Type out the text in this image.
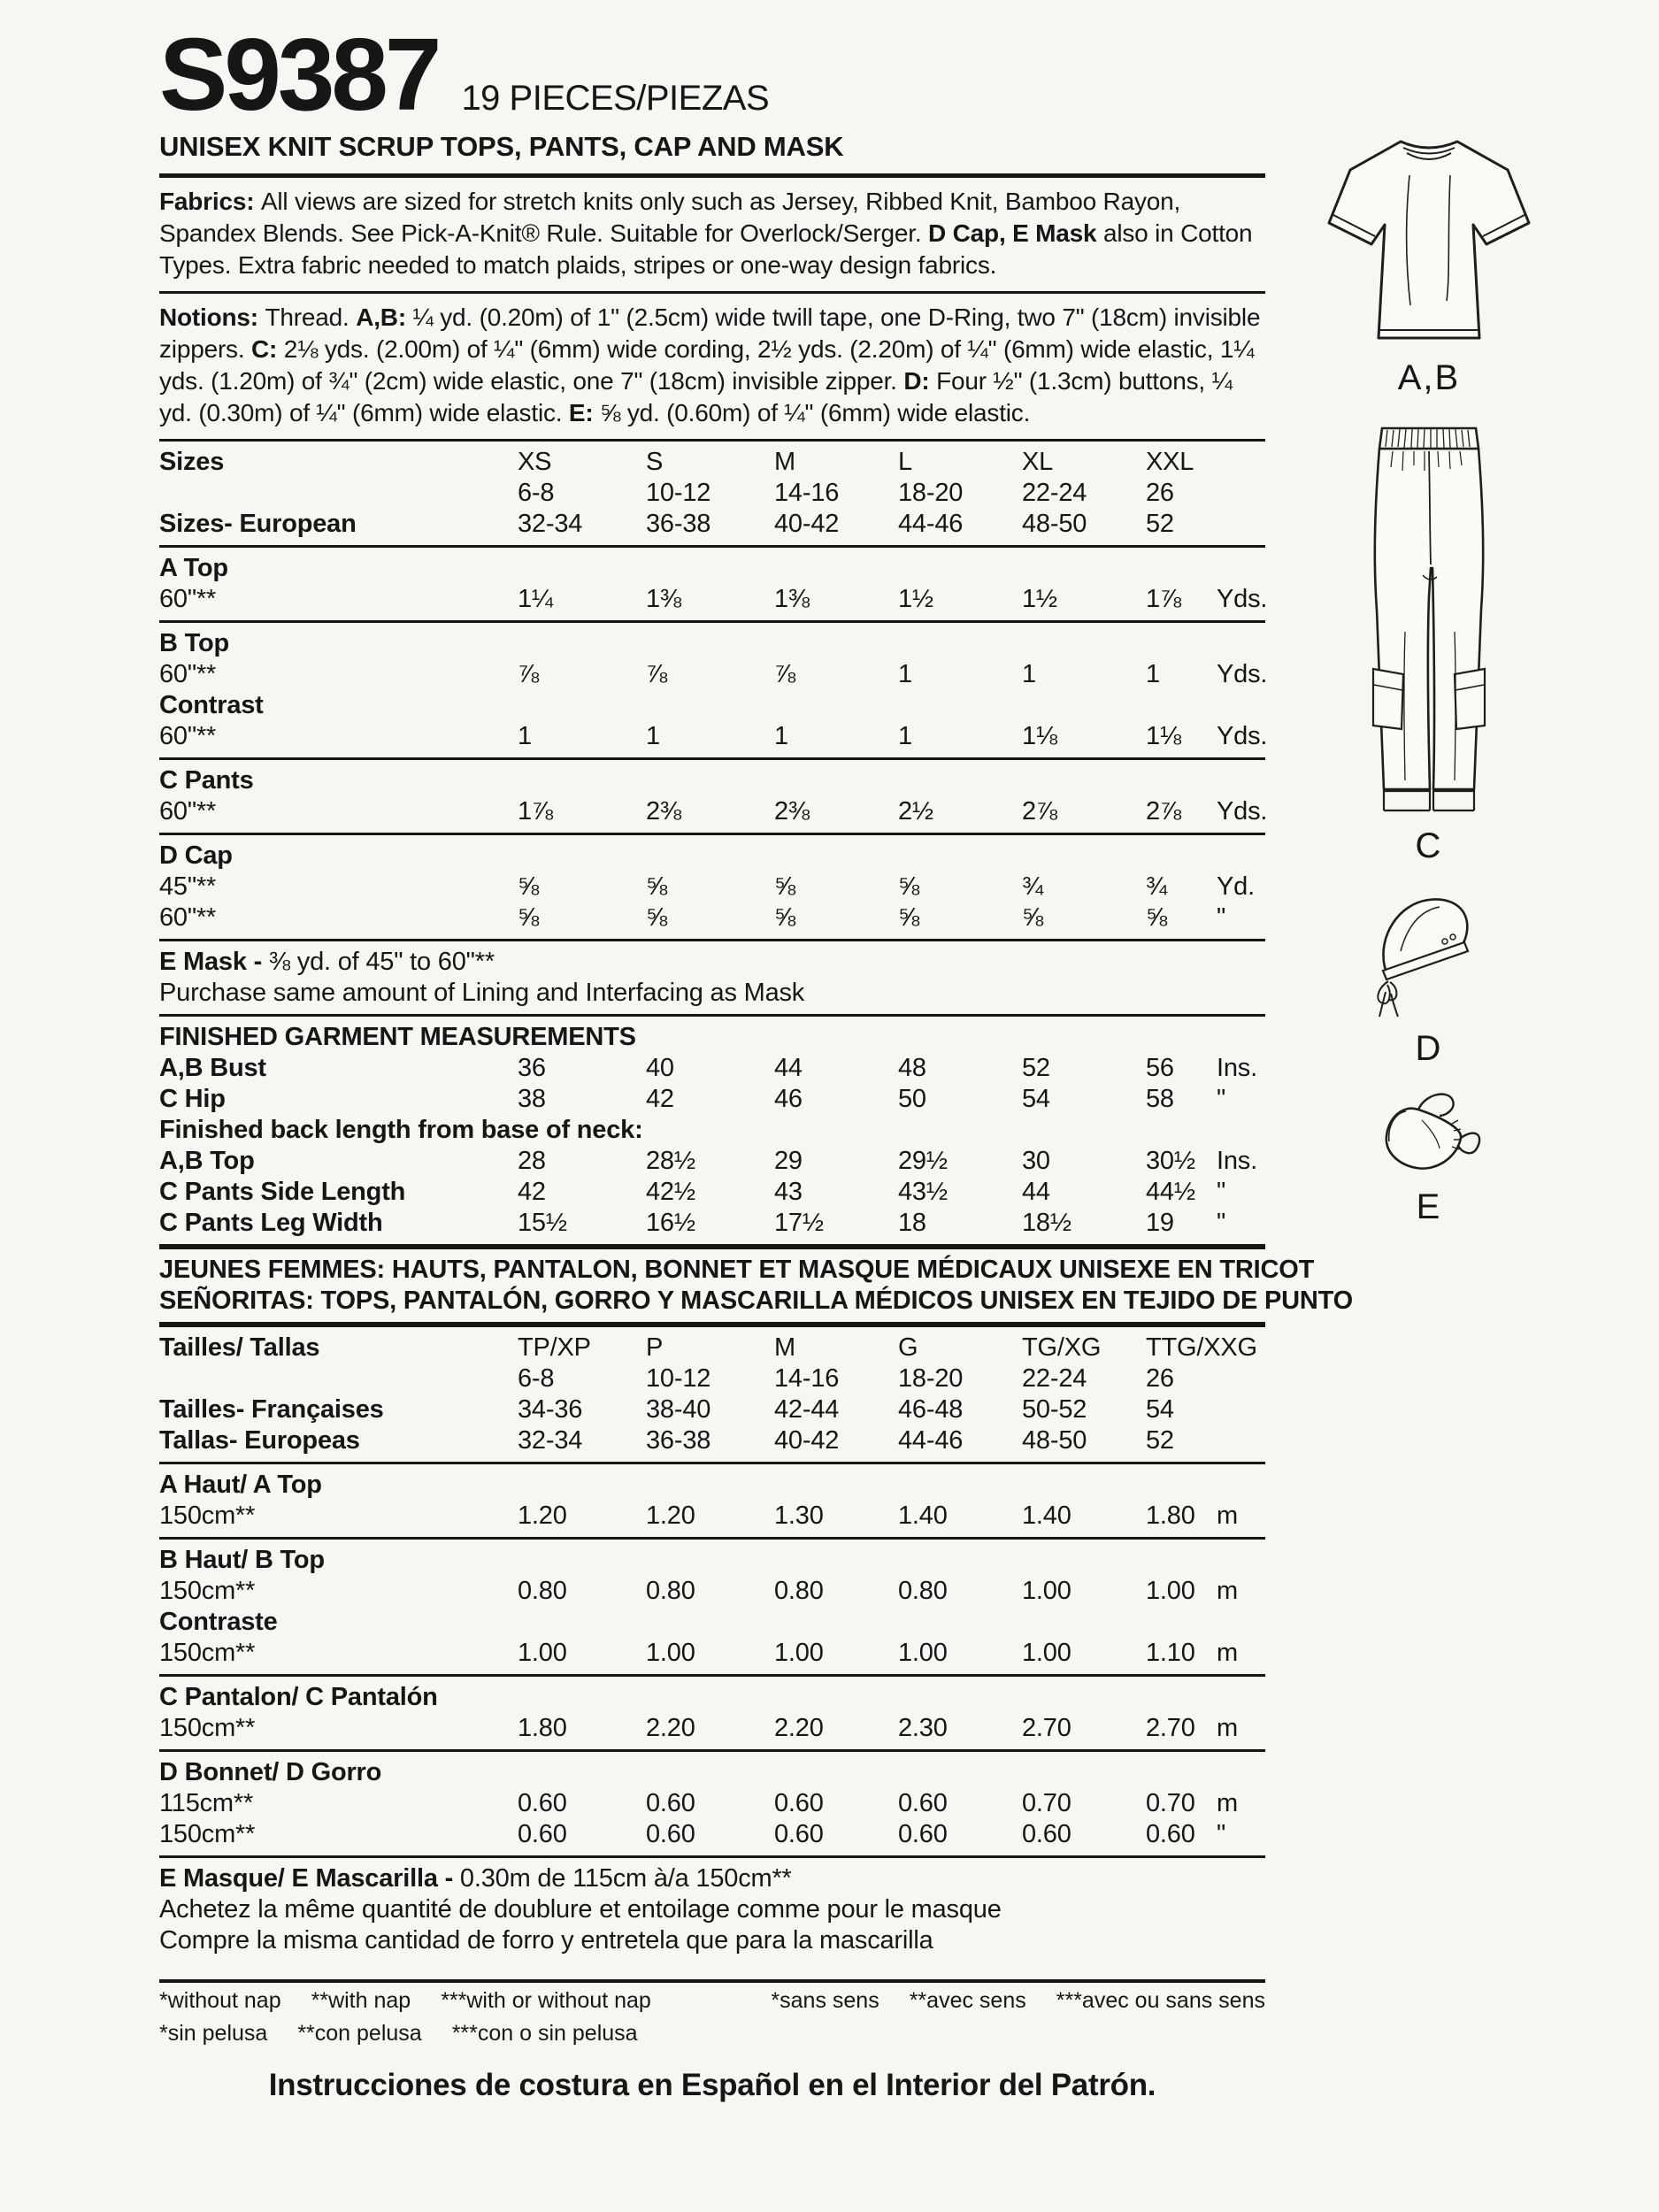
S9387 19 PIECES/PIEZAS
UNISEX KNIT SCRUP TOPS, PANTS, CAP AND MASK

Fabrics: All views are sized for stretch knits only such as Jersey, Ribbed Knit, Bamboo Rayon, Spandex Blends. See Pick-A-Knit® Rule. Suitable for Overlock/Serger. D Cap, E Mask also in Cotton Types. Extra fabric needed to match plaids, stripes or one-way design fabrics.

Notions: Thread. A,B: ¼ yd. (0.20m) of 1" (2.5cm) wide twill tape, one D-Ring, two 7" (18cm) invisible zippers. C: 2⅛ yds. (2.00m) of ¼" (6mm) wide cording, 2½ yds. (2.20m) of ¼" (6mm) wide elastic, 1¼ yds. (1.20m) of ¾" (2cm) wide elastic, one 7" (18cm) invisible zipper. D: Four ½" (1.3cm) buttons, ¼ yd. (0.30m) of ¼" (6mm) wide elastic. E: ⅝ yd. (0.60m) of ¼" (6mm) wide elastic.

Sizes	XS	S	M	L	XL	XXL
6-8	10-12	14-16	18-20	22-24	26
Sizes- European	32-34	36-38	40-42	44-46	48-50	52
A Top
60"**	1¼	1⅜	1⅜	1½	1½	1⅞	Yds.
B Top
60"**	⅞	⅞	⅞	1	1	1	Yds.
Contrast
60"**	1	1	1	1	1⅛	1⅛	Yds.
C Pants
60"**	1⅞	2⅜	2⅜	2½	2⅞	2⅞	Yds.
D Cap
45"**	⅝	⅝	⅝	⅝	¾	¾	Yd.
60"**	⅝	⅝	⅝	⅝	⅝	⅝	"
E Mask - ⅜ yd. of 45" to 60"**
Purchase same amount of Lining and Interfacing as Mask
FINISHED GARMENT MEASUREMENTS
A,B Bust	36	40	44	48	52	56	Ins.
C Hip	38	42	46	50	54	58	"
Finished back length from base of neck:
A,B Top	28	28½	29	29½	30	30½ Ins.
C Pants Side Length	42	42½	43	43½	44	44½ "
C Pants Leg Width	15½	16½	17½	18	18½	19	"
JEUNES FEMMES: HAUTS, PANTALON, BONNET ET MASQUE MÉDICAUX UNISEXE EN TRICOT
SEÑORITAS: TOPS, PANTALÓN, GORRO Y MASCARILLA MÉDICOS UNISEX EN TEJIDO DE PUNTO
Tailles/ Tallas	TP/XP	P	M	G	TG/XG	TTG/XXG
6-8	10-12	14-16	18-20	22-24	26
Tailles- Françaises	34-36	38-40	42-44	46-48	50-52	54
Tallas- Europeas	32-34	36-38	40-42	44-46	48-50	52
A Haut/ A Top
150cm**	1.20	1.20	1.30	1.40	1.40	1.80 m
B Haut/ B Top
150cm**	0.80	0.80	0.80	0.80	1.00	1.00 m
Contraste
150cm**	1.00	1.00	1.00	1.00	1.00	1.10 m
C Pantalon/ C Pantalón
150cm**	1.80	2.20	2.20	2.30	2.70	2.70 m
D Bonnet/ D Gorro
115cm**	0.60	0.60	0.60	0.60	0.70	0.70 m
150cm**	0.60	0.60	0.60	0.60	0.60	0.60 "
E Masque/ E Mascarilla - 0.30m de 115cm à/a 150cm**
Achetez la même quantité de doublure et entoilage comme pour le masque
Compre la misma cantidad de forro y entretela que para la mascarilla
*without nap **with nap ***with or without nap	*sans sens **avec sens ***avec ou sans sens
*sin pelusa **con pelusa ***con o sin pelusa
Instrucciones de costura en Español en el Interior del Patrón.
A,B
C
D
E
